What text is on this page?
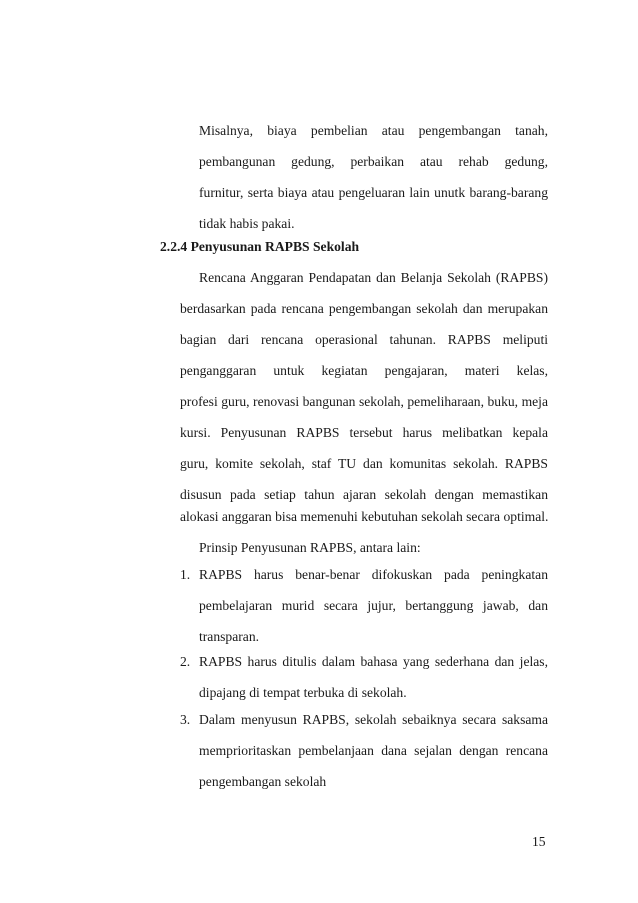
Misalnya, biaya pembelian atau pengembangan tanah,
pembangunan gedung, perbaikan atau rehab gedung,
furnitur, serta biaya atau pengeluaran lain unutk barang-barang
tidak habis pakai.
2.2.4 Penyusunan RAPBS Sekolah
Rencana Anggaran Pendapatan dan Belanja Sekolah (RAPBS)
berdasarkan pada rencana pengembangan sekolah dan merupakan
bagian dari rencana operasional tahunan. RAPBS meliputi
penganggaran untuk kegiatan pengajaran, materi kelas,
profesi guru, renovasi bangunan sekolah, pemeliharaan, buku, meja
kursi. Penyusunan RAPBS tersebut harus melibatkan kepala
guru, komite sekolah, staf TU dan komunitas sekolah. RAPBS
disusun pada setiap tahun ajaran sekolah dengan memastikan
alokasi anggaran bisa memenuhi kebutuhan sekolah secara optimal.
Prinsip Penyusunan RAPBS, antara lain:
1. RAPBS harus benar-benar difokuskan pada peningkatan
pembelajaran murid secara jujur, bertanggung jawab, dan
transparan.
2. RAPBS harus ditulis dalam bahasa yang sederhana dan jelas,
dipajang di tempat terbuka di sekolah.
3. Dalam menyusun RAPBS, sekolah sebaiknya secara saksama
memprioritaskan pembelanjaan dana sejalan dengan rencana
pengembangan sekolah
15
